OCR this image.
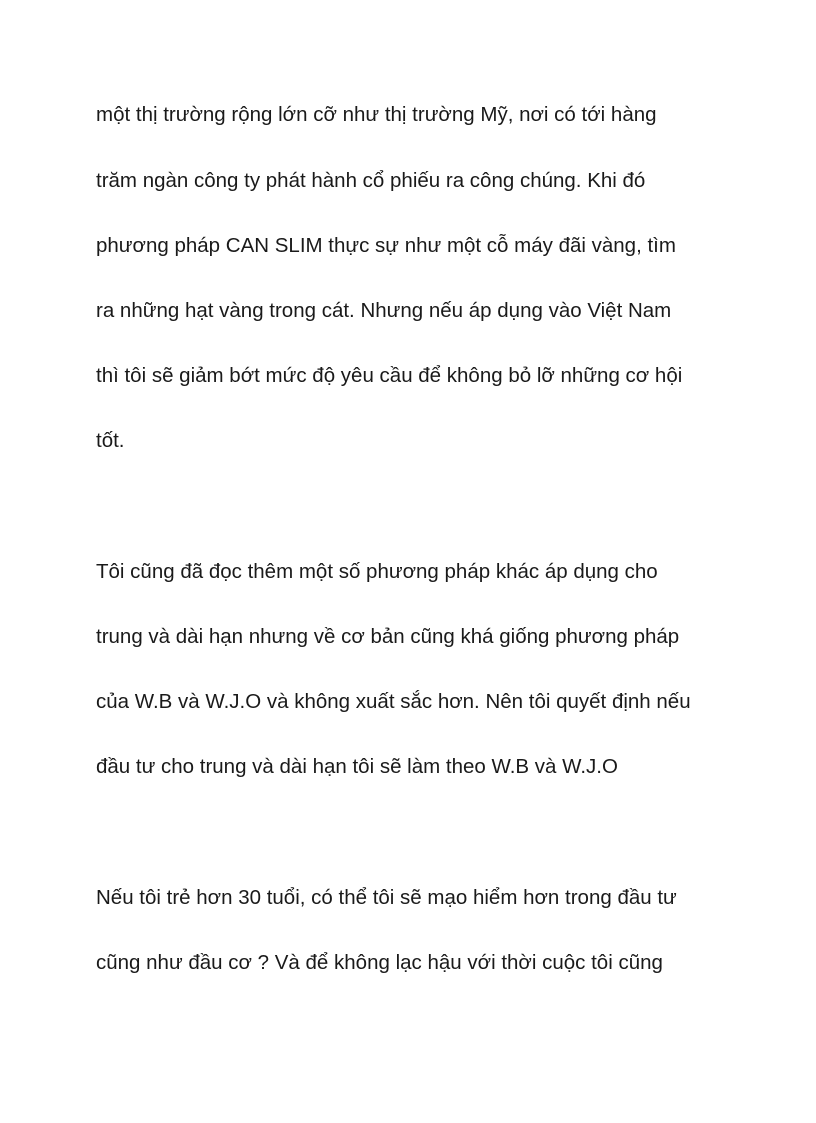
một thị trường rộng lớn cỡ như thị trường Mỹ, nơi có tới hàng
trăm ngàn công ty phát hành cổ phiếu ra công chúng. Khi đó
phương pháp CAN SLIM thực sự như một cỗ máy đãi vàng, tìm
ra những hạt vàng trong cát. Nhưng nếu áp dụng vào Việt Nam
thì tôi sẽ giảm bớt mức độ yêu cầu để không bỏ lỡ những cơ hội
tốt.
Tôi cũng đã đọc thêm một số phương pháp khác áp dụng cho
trung và dài hạn nhưng về cơ bản cũng khá giống phương pháp
của W.B và W.J.O và không xuất sắc hơn. Nên tôi quyết định nếu
đầu tư cho trung và dài hạn tôi sẽ làm theo W.B và W.J.O
Nếu tôi trẻ hơn 30 tuổi, có thể tôi sẽ mạo hiểm hơn trong đầu tư
cũng như đầu cơ ? Và để không lạc hậu với thời cuộc tôi cũng
